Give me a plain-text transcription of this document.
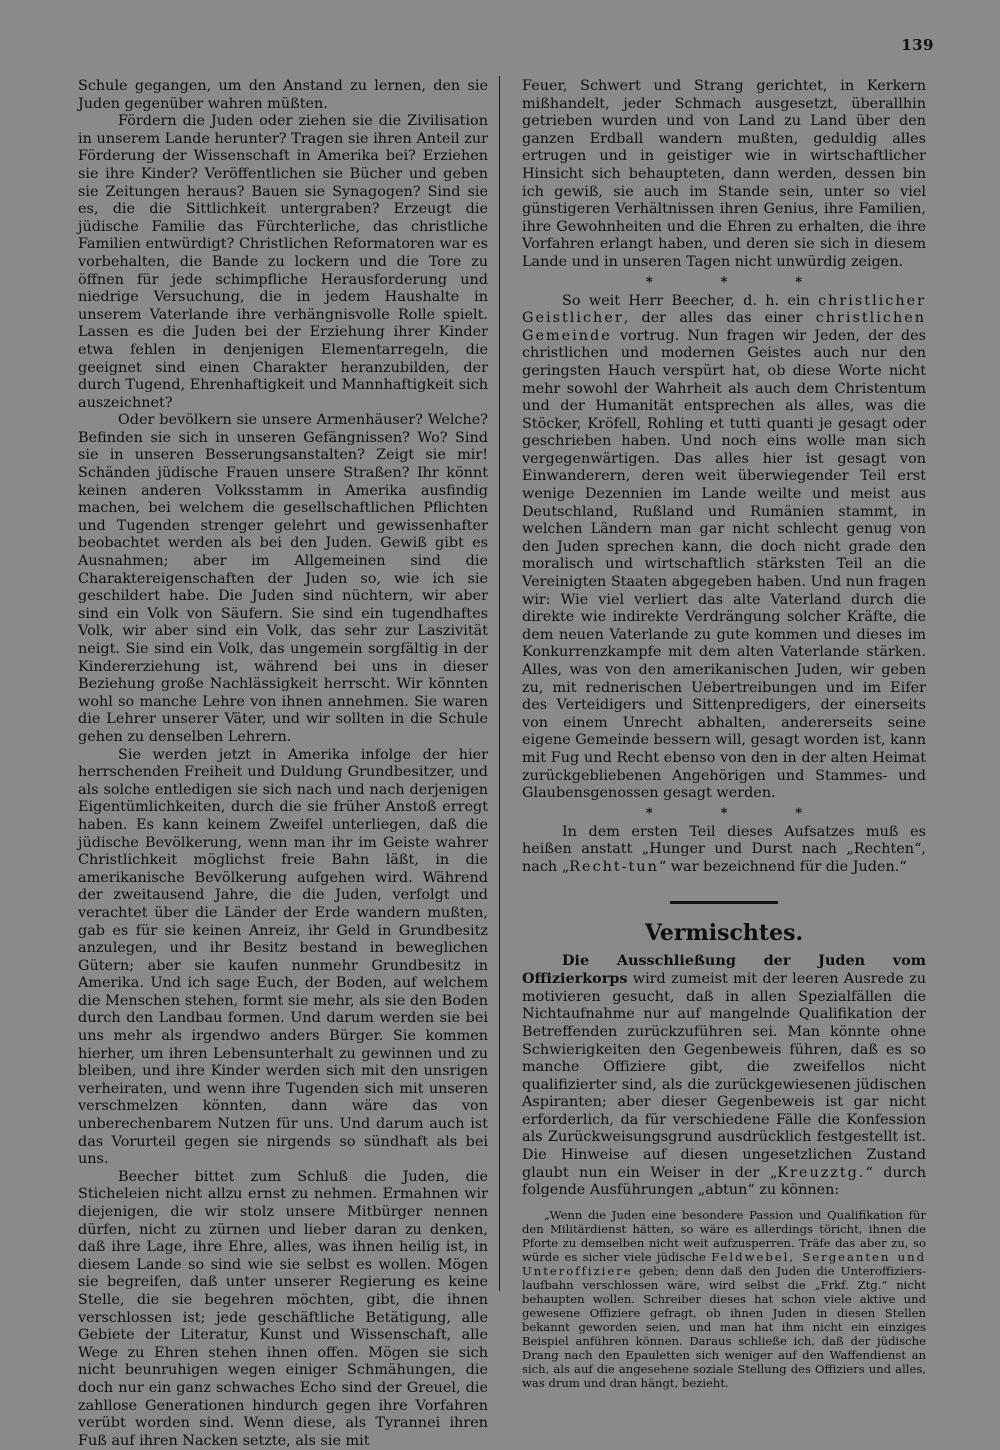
139

Schule gegangen, um den Anstand zu lernen, den sie Juden gegenüber wahren müßten.

Fördern die Juden oder ziehen sie die Zivilisation in unserem Lande herunter? Tragen sie ihren Anteil zur Förderung der Wissenschaft in Amerika bei? Erziehen sie ihre Kinder? Veröffentlichen sie Bücher und geben sie Zeitungen heraus? Bauen sie Synagogen? Sind sie es, die die Sittlichkeit untergraben? Erzeugt die jüdische Familie das Fürchterliche, das christliche Familien entwürdigt? Christlichen Reformatoren war es vorbehalten, die Bande zu lockern und die Tore zu öffnen für jede schimpfliche Herausforderung und niedrige Versuchung, die in jedem Haushalte in unserem Vaterlande ihre verhängnisvolle Rolle spielt. Lassen es die Juden bei der Erziehung ihrer Kinder etwa fehlen in denjenigen Elementarregeln, die geeignet sind einen Charakter heranzubilden, der durch Tugend, Ehrenhaftigkeit und Mannhaftigkeit sich auszeichnet?

Oder bevölkern sie unsere Armenhäuser? Welche? Befinden sie sich in unseren Gefängnissen? Wo? Sind sie in unseren Besserungsanstalten? Zeigt sie mir! Schänden jüdische Frauen unsere Straßen? Ihr könnt keinen anderen Volksstamm in Amerika ausfindig machen, bei welchem die gesellschaftlichen Pflichten und Tugenden strenger gelehrt und gewissenhafter beobachtet werden als bei den Juden. Gewiß gibt es Ausnahmen; aber im Allgemeinen sind die Charaktereigenschaften der Juden so, wie ich sie geschildert habe. Die Juden sind nüchtern, wir aber sind ein Volk von Säufern. Sie sind ein tugendhaftes Volk, wir aber sind ein Volk, das sehr zur Laszivität neigt. Sie sind ein Volk, das ungemein sorgfältig in der Kindererziehung ist, während bei uns in dieser Beziehung große Nachlässigkeit herrscht. Wir könnten wohl so manche Lehre von ihnen annehmen. Sie waren die Lehrer unserer Väter, und wir sollten in die Schule gehen zu denselben Lehrern.

Sie werden jetzt in Amerika infolge der hier herrschenden Freiheit und Duldung Grundbesitzer, und als solche entledigen sie sich nach und nach derjenigen Eigentümlichkeiten, durch die sie früher Anstoß erregt haben. Es kann keinem Zweifel unterliegen, daß die jüdische Bevölkerung, wenn man ihr im Geiste wahrer Christlichkeit möglichst freie Bahn läßt, in die amerikanische Bevölkerung aufgehen wird. Während der zweitausend Jahre, die die Juden, verfolgt und verachtet über die Länder der Erde wandern mußten, gab es für sie keinen Anreiz, ihr Geld in Grundbesitz anzulegen, und ihr Besitz bestand in beweglichen Gütern; aber sie kaufen nunmehr Grundbesitz in Amerika. Und ich sage Euch, der Boden, auf welchem die Menschen stehen, formt sie mehr, als sie den Boden durch den Landbau formen. Und darum werden sie bei uns mehr als irgendwo anders Bürger. Sie kommen hierher, um ihren Lebensunterhalt zu gewinnen und zu bleiben, und ihre Kinder werden sich mit den unsrigen verheiraten, und wenn ihre Tugenden sich mit unseren verschmelzen könnten, dann wäre das von unberechenbarem Nutzen für uns. Und darum auch ist das Vorurteil gegen sie nirgends so sündhaft als bei uns.

Beecher bittet zum Schluß die Juden, die Sticheleien nicht allzu ernst zu nehmen. Ermahnen wir diejenigen, die wir stolz unsere Mitbürger nennen dürfen, nicht zu zürnen und lieber daran zu denken, daß ihre Lage, ihre Ehre, alles, was ihnen heilig ist, in diesem Lande so sind wie sie selbst es wollen. Mögen sie begreifen, daß unter unserer Regierung es keine Stelle, die sie begehren möchten, gibt, die ihnen verschlossen ist; jede geschäftliche Betätigung, alle Gebiete der Literatur, Kunst und Wissenschaft, alle Wege zu Ehren stehen ihnen offen. Mögen sie sich nicht beunruhigen wegen einiger Schmähungen, die doch nur ein ganz schwaches Echo sind der Greuel, die zahllose Generationen hindurch gegen ihre Vorfahren verübt worden sind. Wenn diese, als Tyrannei ihren Fuß auf ihren Nacken setzte, als sie mit

Feuer, Schwert und Strang gerichtet, in Kerkern mißhandelt, jeder Schmach ausgesetzt, überallhin getrieben wurden und von Land zu Land über den ganzen Erdball wandern mußten, geduldig alles ertrugen und in geistiger wie in wirtschaftlicher Hinsicht sich behaupteten, dann werden, dessen bin ich gewiß, sie auch im Stande sein, unter so viel günstigeren Verhältnissen ihren Genius, ihre Familien, ihre Gewohnheiten und die Ehren zu erhalten, die ihre Vorfahren erlangt haben, und deren sie sich in diesem Lande und in unseren Tagen nicht unwürdig zeigen.

*	*	*

So weit Herr Beecher, d. h. ein christlicher Geistlicher, der alles das einer christlichen Gemeinde vortrug. Nun fragen wir Jeden, der des christlichen und modernen Geistes auch nur den geringsten Hauch verspürt hat, ob diese Worte nicht mehr sowohl der Wahrheit als auch dem Christentum und der Humanität entsprechen als alles, was die Stöcker, Kröfell, Rohling et tutti quanti je gesagt oder geschrieben haben. Und noch eins wolle man sich vergegenwärtigen. Das alles hier ist gesagt von Einwanderern, deren weit überwiegender Teil erst wenige Dezennien im Lande weilte und meist aus Deutschland, Rußland und Rumänien stammt, in welchen Ländern man gar nicht schlecht genug von den Juden sprechen kann, die doch nicht grade den moralisch und wirtschaftlich stärksten Teil an die Vereinigten Staaten abgegeben haben. Und nun fragen wir: Wie viel verliert das alte Vaterland durch die direkte wie indirekte Verdrängung solcher Kräfte, die dem neuen Vaterlande zu gute kommen und dieses im Konkurrenzkampfe mit dem alten Vaterlande stärken. Alles, was von den amerikanischen Juden, wir geben zu, mit rednerischen Uebertreibungen und im Eifer des Verteidigers und Sittenpredigers, der einerseits von einem Unrecht abhalten, andererseits seine eigene Gemeinde bessern will, gesagt worden ist, kann mit Fug und Recht ebenso von den in der alten Heimat zurückgebliebenen Angehörigen und Stammes- und Glaubensgenossen gesagt werden.

*	*	*

In dem ersten Teil dieses Aufsatzes muß es heißen anstatt „Hunger und Durst nach „Rechten“, nach „Recht-tun“ war bezeichnend für die Juden.“

Vermischtes.

Die Ausschließung der Juden vom Offizierkorps wird zumeist mit der leeren Ausrede zu motivieren gesucht, daß in allen Spezialfällen die Nichtaufnahme nur auf mangelnde Qualifikation der Betreffenden zurückzuführen sei. Man könnte ohne Schwierigkeiten den Gegenbeweis führen, daß es so manche Offiziere gibt, die zweifellos nicht qualifizierter sind, als die zurückgewiesenen jüdischen Aspiranten; aber dieser Gegenbeweis ist gar nicht erforderlich, da für verschiedene Fälle die Konfession als Zurückweisungsgrund ausdrücklich festgestellt ist. Die Hinweise auf diesen ungesetzlichen Zustand glaubt nun ein Weiser in der „Kreuzztg.“ durch folgende Ausführungen „abtun“ zu können:

„Wenn die Juden eine besondere Passion und Qualifikation für den Militärdienst hätten, so wäre es allerdings töricht, ihnen die Pforte zu demselben nicht weit aufzusperren. Träfe das aber zu, so würde es sicher viele jüdische Feldwebel, Sergeanten und Unteroffiziere geben; denn daß den Juden die Unteroffiziers-laufbahn verschlossen wäre, wird selbst die „Frkf. Ztg.“ nicht behaupten wollen. Schreiber dieses hat schon viele aktive und gewesene Offiziere gefragt, ob ihnen Juden in diesen Stellen bekannt geworden seien, und man hat ihm nicht ein einziges Beispiel anführen können. Daraus schließe ich, daß der jüdische Drang nach den Epauletten sich weniger auf den Waffendienst an sich, als auf die angesehene soziale Stellung des Offiziers und alles, was drum und dran hängt, bezieht.
